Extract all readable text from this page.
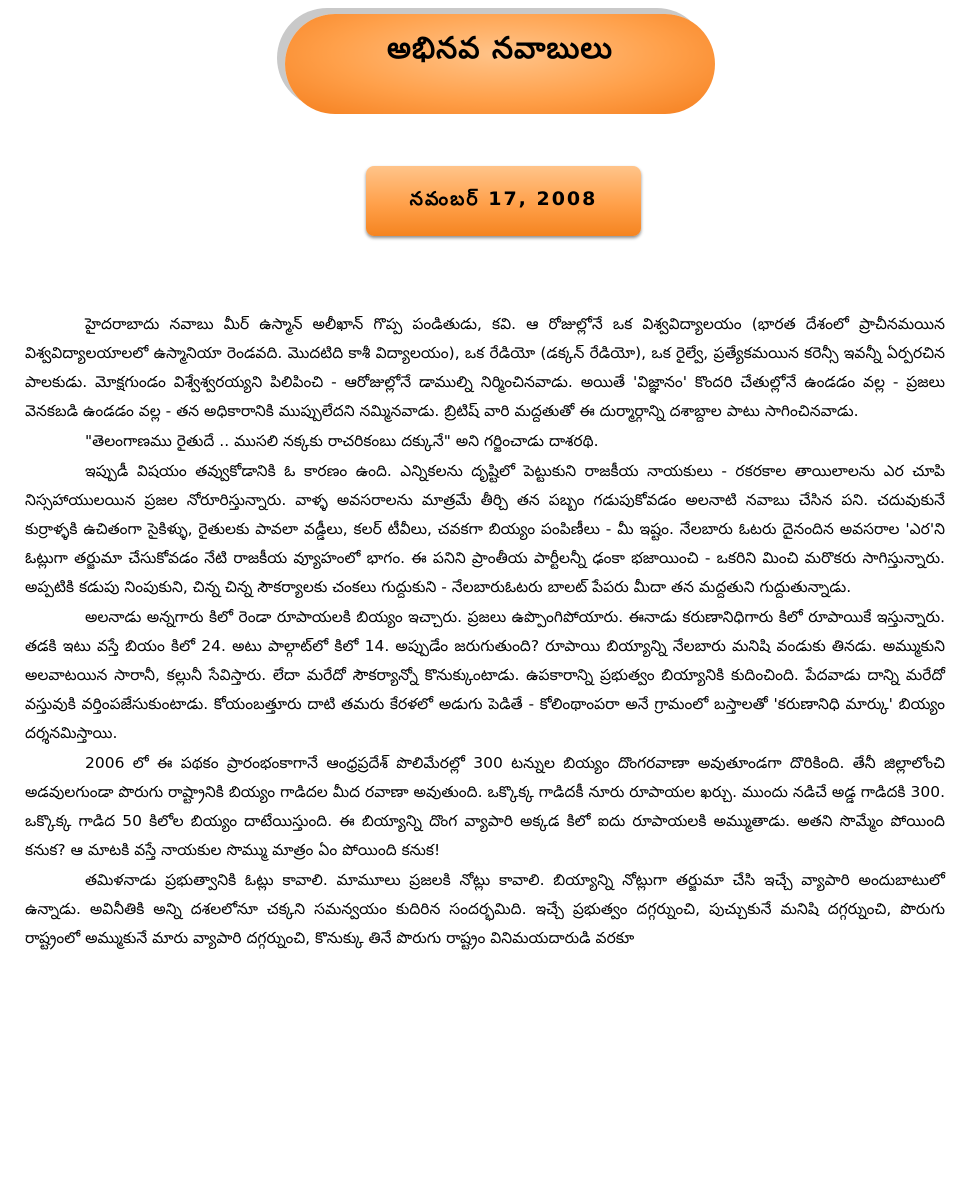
అభినవ నవాబులు
నవంబర్ 17, 2008

హైదరాబాదు నవాబు మీర్ ఉస్మాన్ అలీఖాన్ గొప్ప పండితుడు, కవి. ఆ రోజుల్లోనే ఒక విశ్వవిద్యాలయం (భారత దేశంలో ప్రాచీనమయిన విశ్వవిద్యాలయాలలో ఉస్మానియా రెండవది. మొదటిది కాశీ విద్యాలయం), ఒక రేడియో (డక్కన్ రేడియో), ఒక రైల్వే, ప్రత్యేకమయిన కరెన్సీ ఇవన్నీ ఏర్పరచిన పాలకుడు. మోక్షగుండం విశ్వేశ్వరయ్యని పిలిపించి - ఆరోజుల్లోనే డాముల్ని నిర్మించినవాడు. అయితే 'విజ్ఞానం' కొందరి చేతుల్లోనే ఉండడం వల్ల - ప్రజలు వెనకబడి ఉండడం వల్ల - తన అధికారానికి ముప్పులేదని నమ్మినవాడు. బ్రిటిష్ వారి మద్దతుతో ఈ దుర్మార్గాన్ని దశాబ్దాల పాటు సాగించినవాడు.

"తెలంగాణము రైతుదే .. ముసలి నక్కకు రాచరికంబు దక్కునే" అని గర్జించాడు దాశరథి.

ఇప్పుడీ విషయం తవ్వుకోడానికి ఓ కారణం ఉంది. ఎన్నికలను దృష్టిలో పెట్టుకుని రాజకీయ నాయకులు - రకరకాల తాయిలాలను ఎర చూపి నిస్సహాయులయిన ప్రజల నోరూరిస్తున్నారు. వాళ్ళ అవసరాలను మాత్రమే తీర్చి తన పబ్బం గడుపుకోవడం అలనాటి నవాబు చేసిన పని. చదువుకునే కుర్రాళ్ళకి ఉచితంగా సైకిళ్ళు, రైతులకు పావలా వడ్డీలు, కలర్ టీవీలు, చవకగా బియ్యం పంపిణీలు - మీ ఇష్టం. నేలబారు ఓటరు దైనందిన అవసరాల 'ఎర'ని ఓట్లుగా తర్జుమా చేసుకోవడం నేటి రాజకీయ వ్యూహంలో భాగం. ఈ పనిని ప్రాంతీయ పార్టీలన్నీ ఢంకా భజాయించి - ఒకరిని మించి మరొకరు సాగిస్తున్నారు. అప్పటికి కడుపు నింపుకుని, చిన్న చిన్న సౌకర్యాలకు చంకలు గుద్దుకుని - నేలబారుఓటరు బాలట్ పేపరు మీదా తన మద్దతుని గుద్దుతున్నాడు.

అలనాడు అన్నగారు కిలో రెండా రూపాయలకి బియ్యం ఇచ్చారు. ప్రజలు ఉప్పొంగిపోయారు. ఈనాడు కరుణానిధిగారు కిలో రూపాయికే ఇస్తున్నారు. తడకి ఇటు వస్తే బియం కిలో 24. అటు పాల్గాట్‌లో కిలో 14. అప్పుడేం జరుగుతుంది? రూపాయి బియ్యాన్ని నేలబారు మనిషి వండుకు తినడు. అమ్ముకుని అలవాటయిన సారానీ, కల్లునీ సేవిస్తారు. లేదా మరేదో సౌకర్యాన్నో కొనుక్కుంటాడు. ఉపకారాన్ని ప్రభుత్వం బియ్యానికి కుదించింది. పేదవాడు దాన్ని మరేదో వస్తువుకి వర్తింపజేసుకుంటాడు. కోయంబత్తూరు దాటి తమరు కేరళలో అడుగు పెడితే - కోలింథాంపరా అనే గ్రామంలో బస్తాలతో 'కరుణానిధి మార్కు' బియ్యం దర్శనమిస్తాయి.

2006 లో ఈ పథకం ప్రారంభంకాగానే ఆంధ్రప్రదేశ్ పొలిమేరల్లో 300 టన్నుల బియ్యం దొంగరవాణా అవుతూండగా దొరికింది. తేనీ జిల్లాలోంచి అడవులగుండా పొరుగు రాష్ట్రానికి బియ్యం గాడిదల మీద రవాణా అవుతుంది. ఒక్కొక్క గాడిదకీ నూరు రూపాయల ఖర్చు. ముందు నడిచే అడ్డ గాడిదకి 300. ఒక్కొక్క గాడిద 50 కిలోల బియ్యం దాటేయిస్తుంది. ఈ బియ్యాన్ని దొంగ వ్యాపారి అక్కడ కిలో ఐదు రూపాయలకి అమ్ముతాడు. అతని సొమ్మేం పోయింది కనుక? ఆ మాటకి వస్తే నాయకుల సొమ్ము మాత్రం ఏం పోయింది కనుక!

తమిళనాడు ప్రభుత్వానికి ఓట్లు కావాలి. మామూలు ప్రజలకి నోట్లు కావాలి. బియ్యాన్ని నోట్లుగా తర్జుమా చేసి ఇచ్చే వ్యాపారి అందుబాటులో ఉన్నాడు. అవినీతికి అన్ని దశలలోనూ చక్కని సమన్వయం కుదిరిన సందర్భమిది. ఇచ్చే ప్రభుత్వం దగ్గర్నుంచి, పుచ్చుకునే మనిషి దగ్గర్నుంచి, పొరుగు రాష్ట్రంలో అమ్ముకునే మారు వ్యాపారి దగ్గర్నుంచి, కొనుక్కు తినే పొరుగు రాష్ట్రం వినిమయదారుడి వరకూ
